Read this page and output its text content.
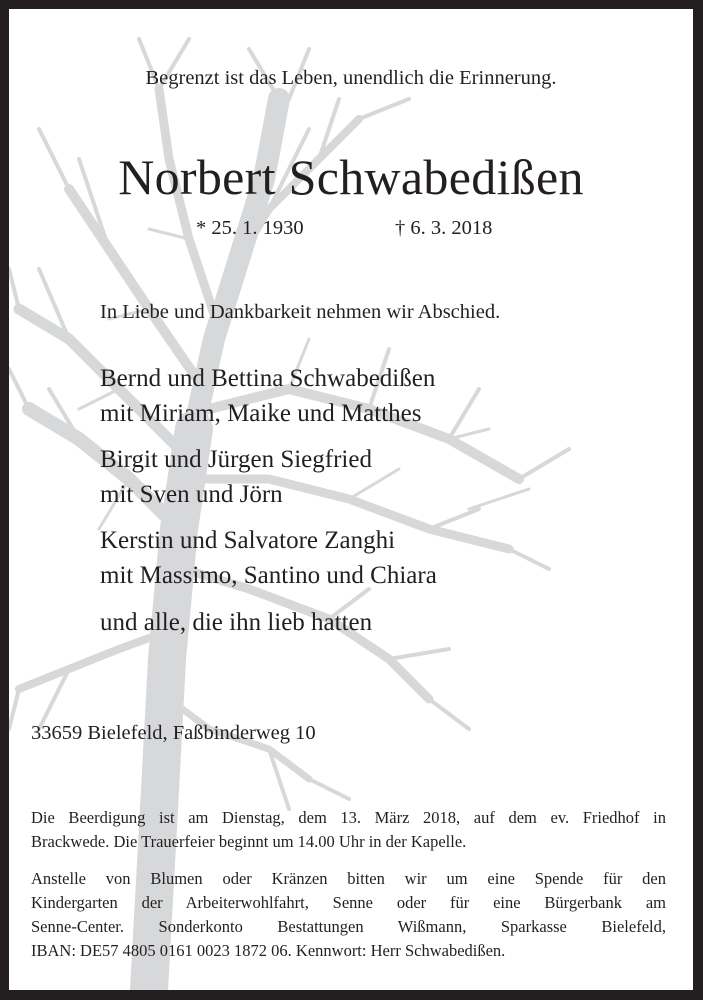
Begrenzt ist das Leben, unendlich die Erinnerung.
Norbert Schwabedißen
* 25. 1. 1930	† 6. 3. 2018
In Liebe und Dankbarkeit nehmen wir Abschied.
Bernd und Bettina Schwabedißen
mit Miriam, Maike und Matthes
Birgit und Jürgen Siegfried
mit Sven und Jörn
Kerstin und Salvatore Zanghi
mit Massimo, Santino und Chiara
und alle, die ihn lieb hatten
33659 Bielefeld, Faßbinderweg 10
Die Beerdigung ist am Dienstag, dem 13. März 2018, auf dem ev. Friedhof in
Brackwede. Die Trauerfeier beginnt um 14.00 Uhr in der Kapelle.
Anstelle von Blumen oder Kränzen bitten wir um eine Spende für den
Kindergarten der Arbeiterwohlfahrt, Senne oder für eine Bürgerbank am
Senne-Center. Sonderkonto Bestattungen Wißmann, Sparkasse Bielefeld,
IBAN: DE57 4805 0161 0023 1872 06. Kennwort: Herr Schwabedißen.
